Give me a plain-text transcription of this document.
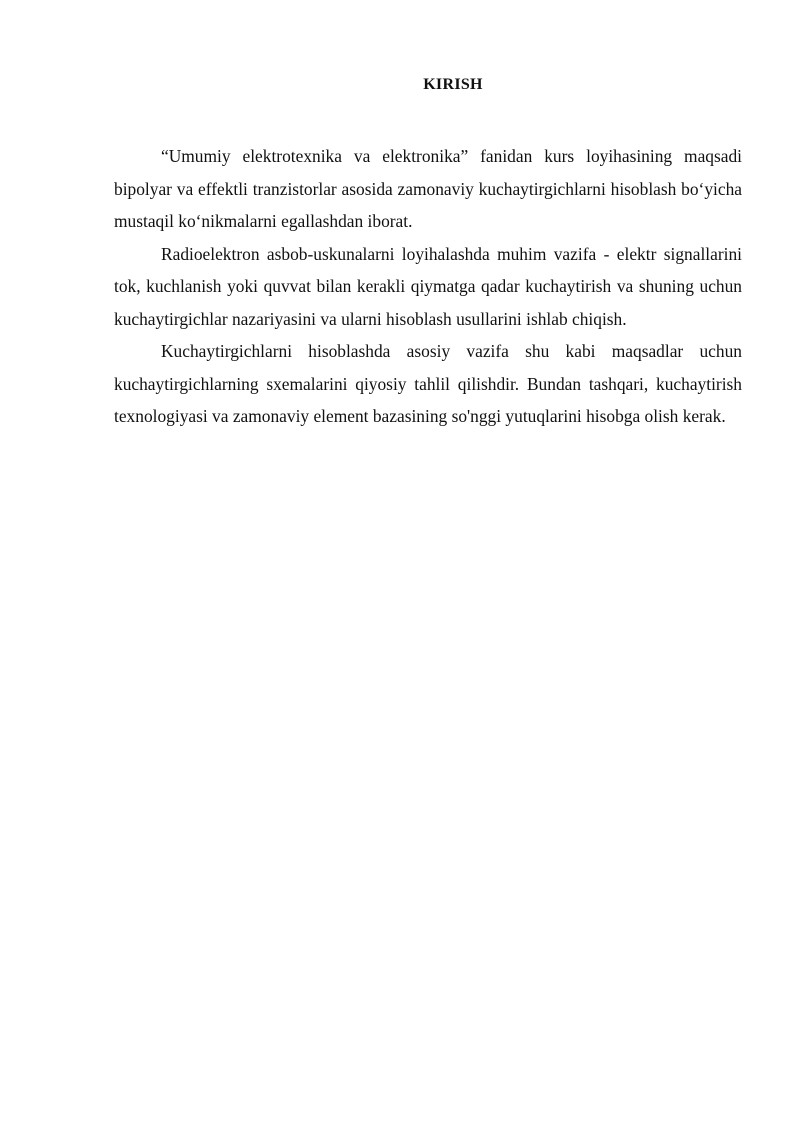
KIRISH

“Umumiy elektrotexnika va elektronika” fanidan kurs loyihasining maqsadi bipolyar va effektli tranzistorlar asosida zamonaviy kuchaytirgichlarni hisoblash bo‘yicha mustaqil ko‘nikmalarni egallashdan iborat.

Radioelektron asbob-uskunalarni loyihalashda muhim vazifa - elektr signallarini tok, kuchlanish yoki quvvat bilan kerakli qiymatga qadar kuchaytirish va shuning uchun kuchaytirgichlar nazariyasini va ularni hisoblash usullarini ishlab chiqish.

Kuchaytirgichlarni hisoblashda asosiy vazifa shu kabi maqsadlar uchun kuchaytirgichlarning sxemalarini qiyosiy tahlil qilishdir. Bundan tashqari, kuchaytirish texnologiyasi va zamonaviy element bazasining so'nggi yutuqlarini hisobga olish kerak.
